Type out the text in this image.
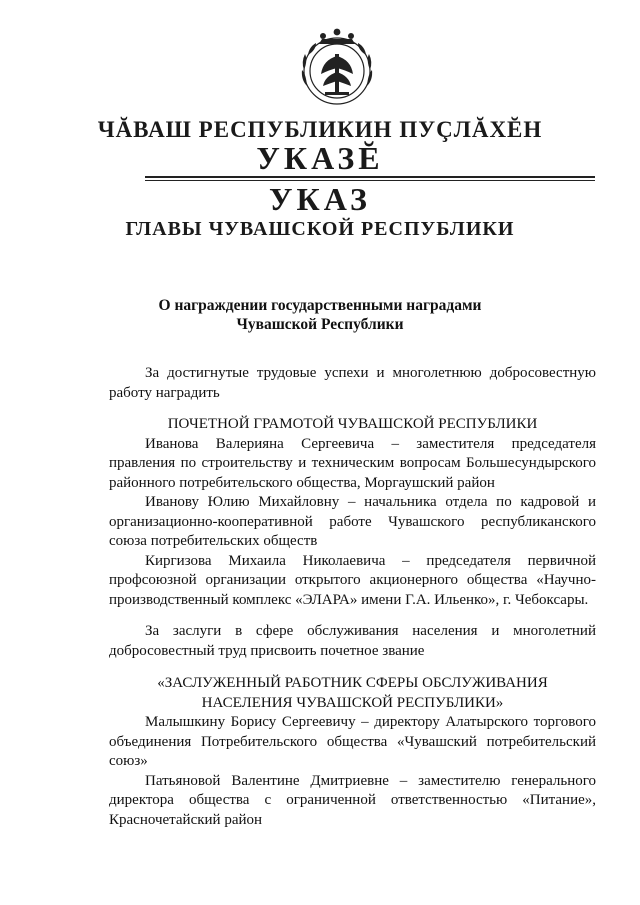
ЧĂВАШ РЕСПУБЛИКИН ПУÇЛĂХĔН
УКАЗĔ
УКАЗ
ГЛАВЫ ЧУВАШСКОЙ РЕСПУБЛИКИ
О награждении государственными наградами
Чувашской Республики

За достигнутые трудовые успехи и многолетнюю добросовестную работу наградить

ПОЧЕТНОЙ ГРАМОТОЙ ЧУВАШСКОЙ РЕСПУБЛИКИ

Иванова Валерияна Сергеевича – заместителя председателя правления по строительству и техническим вопросам Большесундырского районного потребительского общества, Моргаушский район

Иванову Юлию Михайловну – начальника отдела по кадровой и организационно-кооперативной работе Чувашского республиканского союза потребительских обществ

Киргизова Михаила Николаевича – председателя первичной профсоюзной организации открытого акционерного общества «Научно-производственный комплекс «ЭЛАРА» имени Г.А. Ильенко», г. Чебоксары.

За заслуги в сфере обслуживания населения и многолетний добросовестный труд присвоить почетное звание

«ЗАСЛУЖЕННЫЙ РАБОТНИК СФЕРЫ ОБСЛУЖИВАНИЯ

НАСЕЛЕНИЯ ЧУВАШСКОЙ РЕСПУБЛИКИ»

Малышкину Борису Сергеевичу – директору Алатырского торгового объединения Потребительского общества «Чувашский потребительский союз»

Патьяновой Валентине Дмитриевне – заместителю генерального директора общества с ограниченной ответственностью «Питание», Красночетайский район
